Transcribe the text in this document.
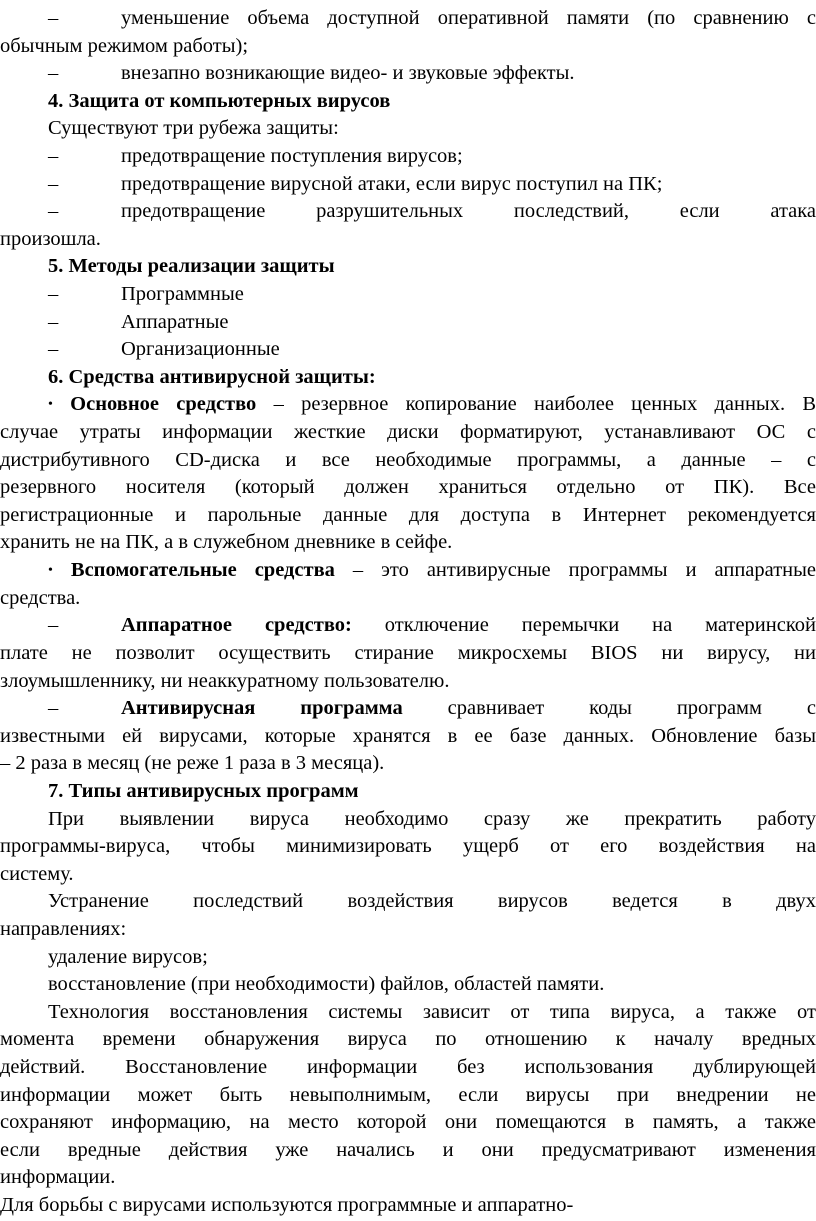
–	уменьшение объема доступной оперативной памяти (по сравнению с
обычным режимом работы);
–	внезапно возникающие видео- и звуковые эффекты.
4. Защита от компьютерных вирусов
Существуют три рубежа защиты:
–	предотвращение поступления вирусов;
–	предотвращение вирусной атаки, если вирус поступил на ПК;
–	предотвращение разрушительных последствий, если атака
произошла.
5. Методы реализации защиты
–	Программные
–	Аппаратные
–	Организационные
6. Средства антивирусной защиты:
• Основное средство – резервное копирование наиболее ценных данных. В
случае утраты информации жесткие диски форматируют, устанавливают ОС с
дистрибутивного CD-диска и все необходимые программы, а данные – с
резервного носителя (который должен храниться отдельно от ПК). Все
регистрационные и парольные данные для доступа в Интернет рекомендуется
хранить не на ПК, а в служебном дневнике в сейфе.
• Вспомогательные средства – это антивирусные программы и аппаратные
средства.
–	Аппаратное средство: отключение перемычки на материнской
плате не позволит осуществить стирание микросхемы BIOS ни вирусу, ни
злоумышленнику, ни неаккуратному пользователю.
–	Антивирусная программа сравнивает коды программ с
известными ей вирусами, которые хранятся в ее базе данных. Обновление базы
– 2 раза в месяц (не реже 1 раза в 3 месяца).
7. Типы антивирусных программ
При выявлении вируса необходимо сразу же прекратить работу
программы-вируса, чтобы минимизировать ущерб от его воздействия на
систему.
Устранение последствий воздействия вирусов ведется в двух
направлениях:
удаление вирусов;
восстановление (при необходимости) файлов, областей памяти.
Технология восстановления системы зависит от типа вируса, а также от
момента времени обнаружения вируса по отношению к началу вредных
действий. Восстановление информации без использования дублирующей
информации может быть невыполнимым, если вирусы при внедрении не
сохраняют информацию, на место которой они помещаются в память, а также
если вредные действия уже начались и они предусматривают изменения
информации.
Для борьбы с вирусами используются программные и аппаратно-
